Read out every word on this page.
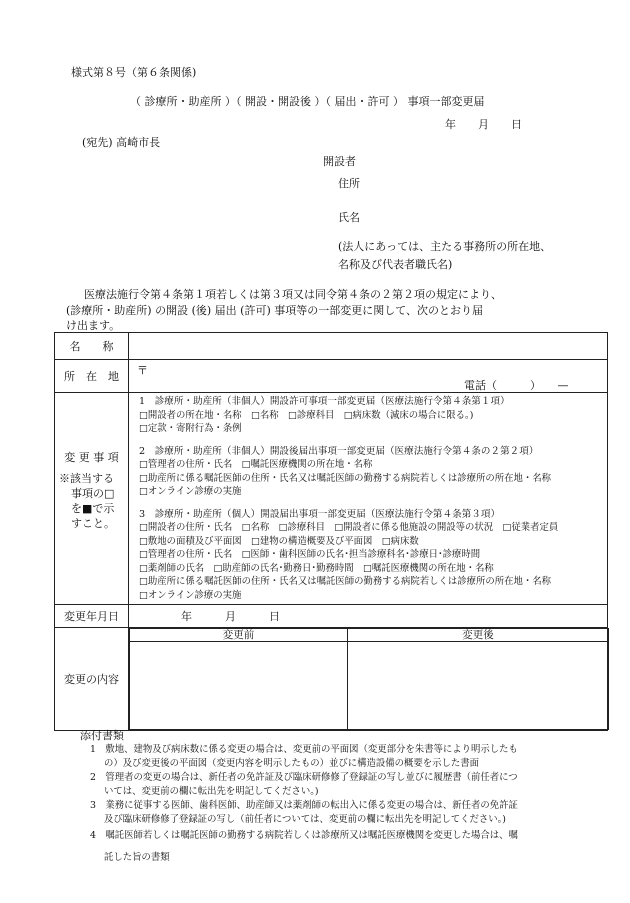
様式第８号（第６条関係)
（ 診療所・助産所 ）（ 開設・開設後 ）（ 届出・許可 ） 事項一部変更届
年　　月　　日
(宛先) 高崎市長
開設者
住所
氏名
(法人にあっては、主たる事務所の所在地、
名称及び代表者職氏名)
医療法施行令第４条第１項若しくは第３項又は同令第４条の２第２項の規定により、
(診療所・助産所) の開設 (後) 届出 (許可) 事項等の一部変更に関して、次のとおり届
け出ます。
名　　称	
所　在　地	〒
電話（　　　）　　—

変 更 事 項
※該当する
事項の□
を■で示
すこと。

1　診療所・助産所（非個人）開設許可事項一部変更届（医療法施行令第４条第１項）
□開設者の所在地・名称　□名称　□診療科目　□病床数（減床の場合に限る。)
□定款・寄附行為・条例
2　診療所・助産所（非個人）開設後届出事項一部変更届（医療法施行令第４条の２第２項）
□管理者の住所・氏名　□嘱託医療機関の所在地・名称
□助産所に係る嘱託医師の住所・氏名又は嘱託医師の勤務する病院若しくは診療所の所在地・名称
□オンライン診療の実施
3　診療所・助産所（個人）開設届出事項一部変更届（医療法施行令第４条第３項）
□開設者の住所・氏名　□名称　□診療科目　□開設者に係る他施設の開設等の状況　□従業者定員
□敷地の面積及び平面図　□建物の構造概要及び平面図　□病床数
□管理者の住所・氏名　□医師・歯科医師の氏名･担当診療科名･診療日･診療時間
□薬剤師の氏名　□助産師の氏名･勤務日･勤務時間　□嘱託医療機関の所在地・名称
□助産所に係る嘱託医師の住所・氏名又は嘱託医師の勤務する病院若しくは診療所の所在地・名称
□オンライン診療の実施

変更年月日	年　　　月　　　日
変更の内容	
変更前	変更後

添付書類
1　敷地、建物及び病床数に係る変更の場合は、変更前の平面図（変更部分を朱書等により明示したも
の）及び変更後の平面図（変更内容を明示したもの）並びに構造設備の概要を示した書面
2　管理者の変更の場合は、新任者の免許証及び臨床研修修了登録証の写し並びに履歴書（前任者につ
いては、変更前の欄に転出先を明記してください。)
3　業務に従事する医師、歯科医師、助産師又は薬剤師の転出入に係る変更の場合は、新任者の免許証
及び臨床研修修了登録証の写し（前任者については、変更前の欄に転出先を明記してください。)
4　嘱託医師若しくは嘱託医師の勤務する病院若しくは診療所又は嘱託医療機関を変更した場合は、嘱
託した旨の書類
